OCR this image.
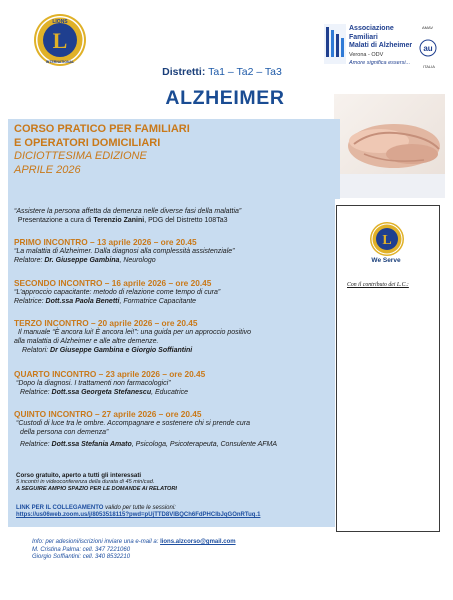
L
LIONS
INTERNATIONAL
au
Associazione Familiari
Malati di Alzheimer
Verona - ODV
Amore significa essersi...
AMAV
ITALIA
Distretti: Ta1 – Ta2 – Ta3
ALZHEIMER
CORSO PRATICO PER FAMILIARI
E OPERATORI DOMICILIARI
DICIOTTESIMA EDIZIONE
APRILE 2026
“Assistere la persona affetta da demenza nelle diverse fasi della malattia”
Presentazione a cura di Terenzio Zanini, PDG del Distretto 108Ta3
PRIMO INCONTRO – 13 aprile 2026 – ore 20.45
“La malattia di Alzheimer. Dalla diagnosi alla complessità assistenziale”
Relatore: Dr. Giuseppe Gambina, Neurologo
SECONDO INCONTRO – 16 aprile 2026 – ore 20.45
“L’approccio capacitante: metodo di relazione come tempo di cura”
Relatrice: Dott.ssa Paola Benetti, Formatrice Capacitante
TERZO INCONTRO – 20 aprile 2026 – ore 20.45
Il manuale “È ancora lui! È ancora lei!”: una guida per un approccio positivo
alla malattia di Alzheimer e alle altre demenze.
Relatori: Dr Giuseppe Gambina e Giorgio Soffiantini
QUARTO INCONTRO – 23 aprile 2026 – ore 20.45
“Dopo la diagnosi. I trattamenti non farmacologici”
Relatrice: Dott.ssa Georgeta Stefanescu, Educatrice
QUINTO INCONTRO – 27 aprile 2026 – ore 20.45
“Custodi di luce tra le ombre. Accompagnare e sostenere chi si prende cura
della persona con demenza”
Relatrice: Dott.ssa Stefania Amato, Psicologa, Psicoterapeuta, Consulente AFMA
Corso gratuito, aperto a tutti gli interessati
5 incontri in videoconferenza della durata di 45 min/cad.
A SEGUIRE AMPIO SPAZIO PER LE DOMANDE AI RELATORI
LINK PER IL COLLEGAMENTO valido per tutte le sessioni:
https://us06web.zoom.us/j/8053518115?pwd=pUjTTD8VIBQCh6FdPHCIbJqGOnRTuq.1
L
We Serve
Con il contributo dei L.C.:
Info: per adesioni/iscrizioni inviare una e-mail a: lions.alzcorso@gmail.com
M. Cristina Palma: cell. 347 7221060
Giorgio Soffiantini: cell. 340 8532210
